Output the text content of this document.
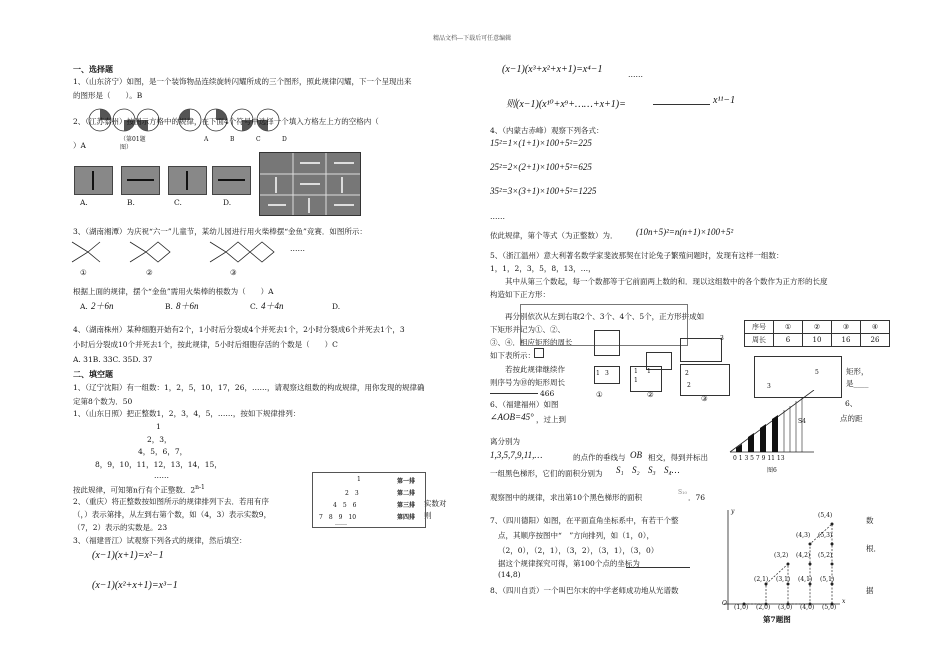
精品文档---下载后可任意编辑
一、选择题
1、（山东济宁）如图，是一个装饰物品连续旋转闪耀所成的三个图形，照此规律闪耀，下一个呈现出来
的图形是（　　）。B
2、（江苏泰州）按图示方格中的规律，在下面4个符号中选择一个填入方格左上方的空格内（
（第01题
图）
A	B	C	D
）A
A.	B.	C.	D.
3、（湖南湘潭）为庆祝“六一”儿童节，某幼儿园进行用火柴棒摆“金鱼”竞赛．如图所示：
……
①	②	③
根据上面的规律，摆个“金鱼”需用火柴棒的根数为（　　）A
A. 2＋6n	B. 8＋6n	C. 4＋4n	D.
4、（湖南株州）某种细胞开始有2个，1小时后分裂成4个并死去1个，2小时分裂成6个并死去1个，3
小时后分裂成10个并死去1个，按此规律，5小时后细胞存活的个数是（　　）C
A. 31B. 33C. 35D. 37
二、填空题
1、（辽宁沈阳）有一组数：1，2，5，10，17，26，……，请观察这组数的构成规律，用你发现的规律确
定第8个数为．50
1、（山东日照）把正整数1，2，3，4，5，……，按如下规律排列：
1
2，3，
4，5，6，7，
8，9，10，11，12，13，14，15，
……
按此规律，可知第n行有个正整数．2$^{n-1}$
2、（重庆）将正整数按如图所示的规律排列下去．若用有序
（，）表示第排，从左到右第个数，如（4，3）表示实数9，
（7，2）表示的实数是。23
实数对
则
1
2　3
4　5　6
7　8　9　10
第一排
第二排
第三排
第四排
……
3、（福建晋江）试观察下列各式的规律，然后填空：
(x−1)(x+1)=x²−1
(x−1)(x²+x+1)=x³−1
(x−1)(x³+x²+x+1)=x⁴−1	……
则(x−1)(x¹⁰+x⁹+……+x+1)=	x¹¹−1
4、（内蒙古赤峰）观察下列各式：
15²=1×(1+1)×100+5²=225
25²=2×(2+1)×100+5²=625
35²=3×(3+1)×100+5²=1225
……
依此规律，第个等式（为正整数）为． (10n+5)²=n(n+1)×100+5²
5、（浙江温州）意大利著名数学家斐波那契在讨论兔子繁殖问题时，发现有这样一组数：
1，1，2，3，5，8，13，…，
其中从第三个数起，每一个数都等于它前面两上数的和．现以这组数中的各个数作为正方形的长度
构造如下正方形：
再分别依次从左到右取2个、3个、4个、5个，正方形拼成如
下矩形并记为①、②、
③、④．相应矩形的周长
如下表所示：
若按此规律继续作
则序号为⑩的矩形周长
466
矩形，
是____
1 3	1
1
1	2
2
5
3
3
①	②	③
序号	①	②	③	④
周长	6	10	16	26
6、（福建福州）如图
∠AOB=45° ，过上到
离分别为
1,3,5,7,9,11,…	的点作的垂线与 OB 相交，得到并标出
一组黑色梯形，它们的面积分别为 S₁ S₂ S₃ S₄…
观察图中的规律，求出第10个黑色梯形的面积
S₁₀
．76
6、
点的距
S4
0 1 3 5 7 9 11 13
图6
7、（四川德阳）如图，在平面直角坐标系中，有若干个整
点，其顺序按图中“　”方向排列，如（1，0），
（2，0），（2，1），（3，2），（3，1），（3，0）
据这个规律探究可得，第100个点的坐标为
(14,8)
数
根．
据
8、（四川自贡）一个叫巴尔末的中学老师成功地从光谱数
(5,4)
(4,3) (5,3)
(3,2) (4,2) (5,2)
(2,1) (3,1) (4,1) (5,1)
(1,0) (2,0) (3,0) (4,0) (5,0)
O	x
y
第7题图
